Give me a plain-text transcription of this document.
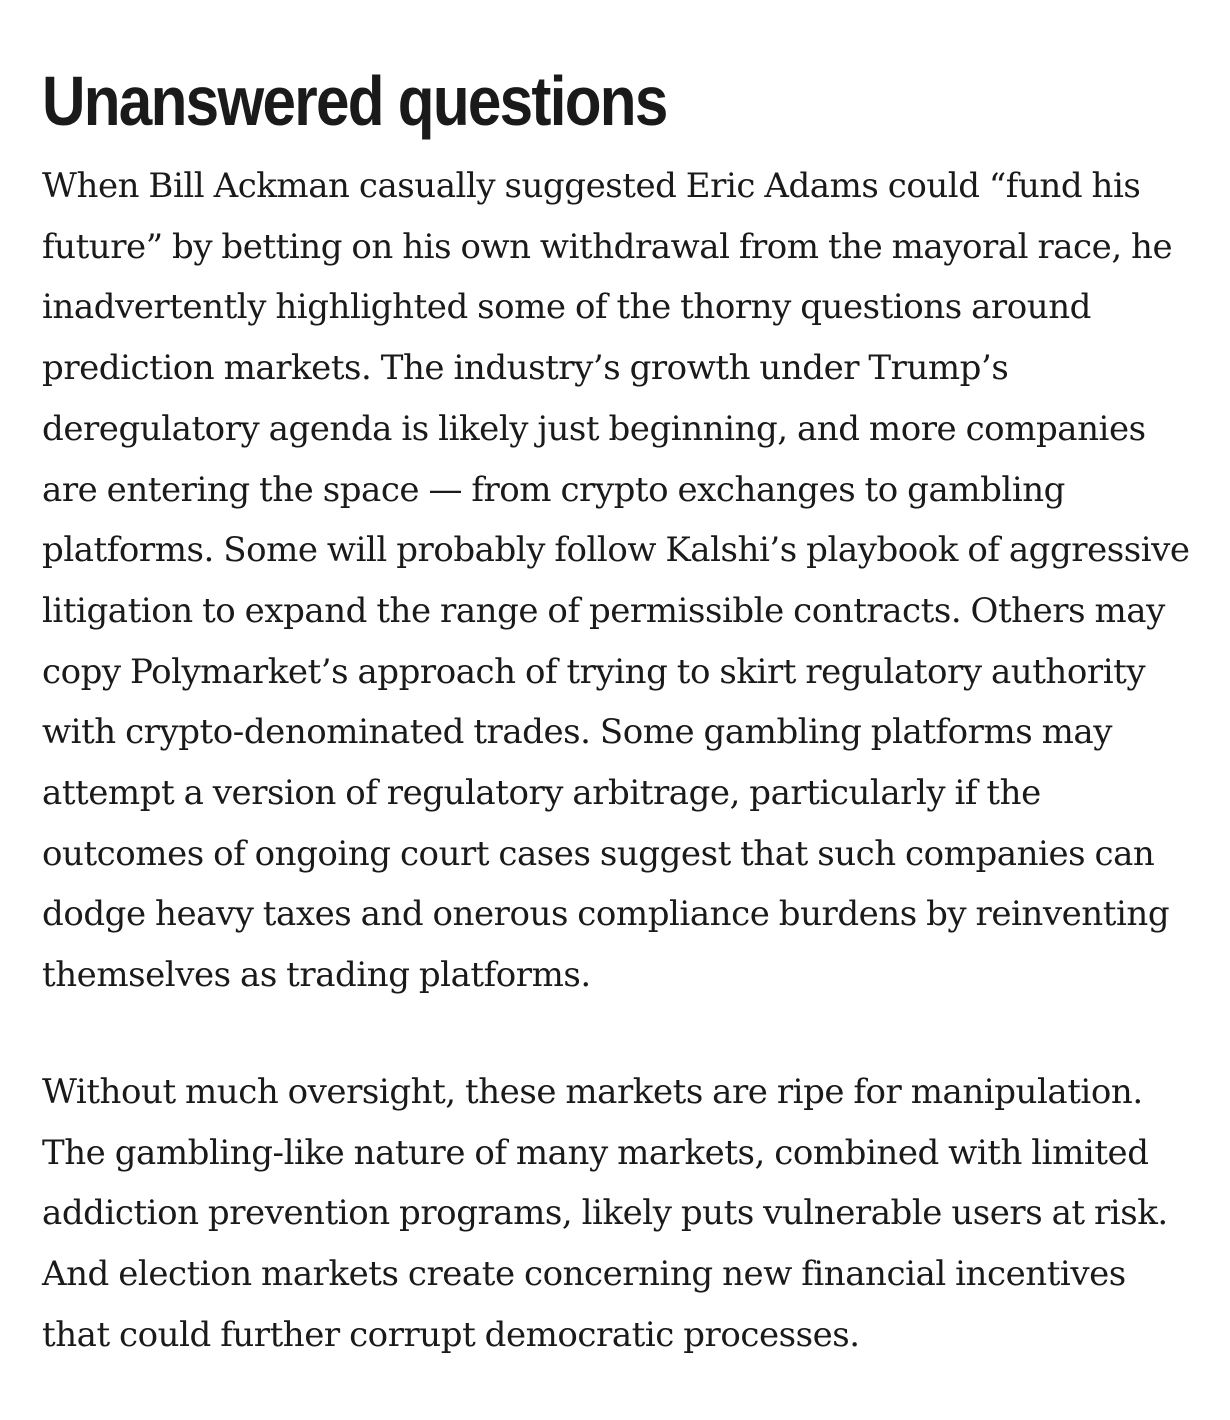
Unanswered questions

When Bill Ackman casually suggested Eric Adams could “fund his
future” by betting on his own withdrawal from the mayoral race, he
inadvertently highlighted some of the thorny questions around
prediction markets. The industry’s growth under Trump’s
deregulatory agenda is likely just beginning, and more companies
are entering the space — from crypto exchanges to gambling
platforms. Some will probably follow Kalshi’s playbook of aggressive
litigation to expand the range of permissible contracts. Others may
copy Polymarket’s approach of trying to skirt regulatory authority
with crypto-denominated trades. Some gambling platforms may
attempt a version of regulatory arbitrage, particularly if the
outcomes of ongoing court cases suggest that such companies can
dodge heavy taxes and onerous compliance burdens by reinventing
themselves as trading platforms.

Without much oversight, these markets are ripe for manipulation.
The gambling-like nature of many markets, combined with limited
addiction prevention programs, likely puts vulnerable users at risk.
And election markets create concerning new financial incentives
that could further corrupt democratic processes.
